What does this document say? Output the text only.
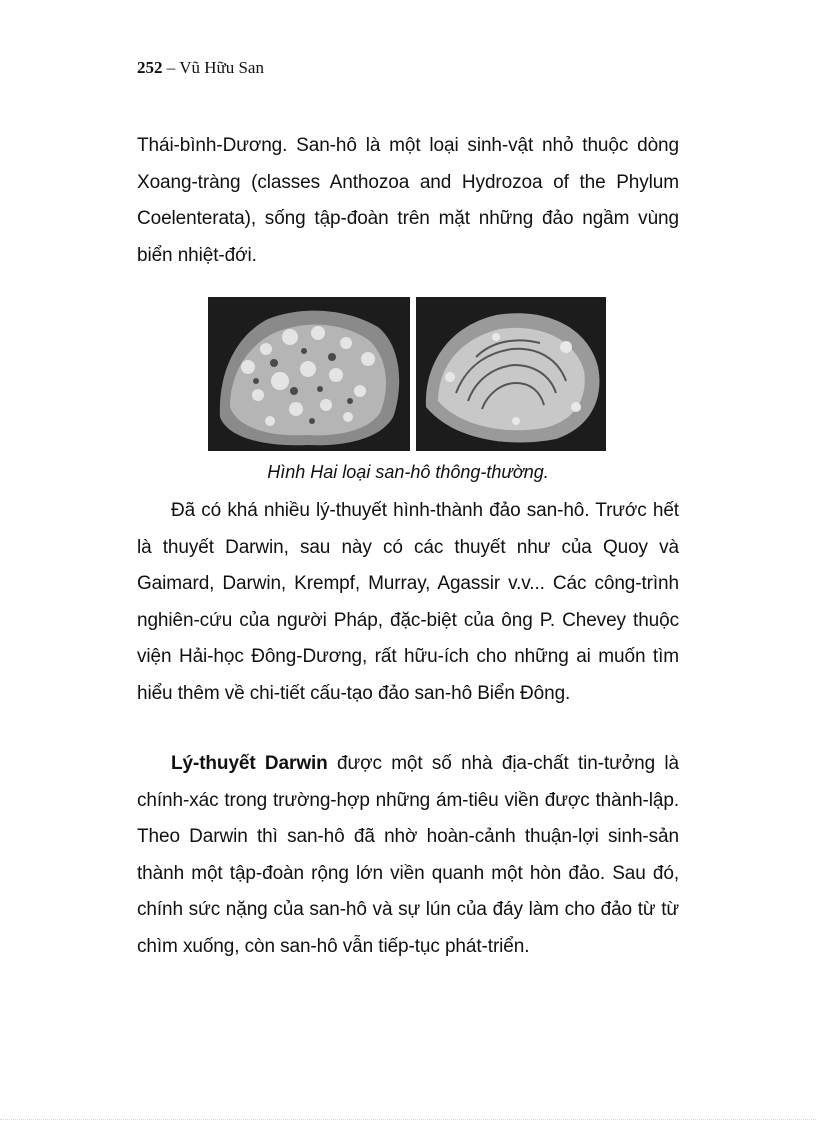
252 – Vũ Hữu San
Thái-bình-Dương. San-hô là một loại sinh-vật nhỏ thuộc dòng Xoang-tràng (classes Anthozoa and Hydrozoa of the Phylum Coelenterata), sống tập-đoàn trên mặt những đảo ngầm vùng biển nhiệt-đới.
Hình Hai loại san-hô thông-thường.
Đã có khá nhiều lý-thuyết hình-thành đảo san-hô. Trước hết là thuyết Darwin, sau này có các thuyết như của Quoy và Gaimard, Darwin, Krempf, Murray, Agassir v.v... Các công-trình nghiên-cứu của người Pháp, đặc-biệt của ông P. Chevey thuộc viện Hải-học Đông-Dương, rất hữu-ích cho những ai muốn tìm hiểu thêm về chi-tiết cấu-tạo đảo san-hô Biển Đông.
Lý-thuyết Darwin được một số nhà địa-chất tin-tưởng là chính-xác trong trường-hợp những ám-tiêu viền được thành-lập. Theo Darwin thì san-hô đã nhờ hoàn-cảnh thuận-lợi sinh-sản thành một tập-đoàn rộng lớn viền quanh một hòn đảo. Sau đó, chính sức nặng của san-hô và sự lún của đáy làm cho đảo từ từ chìm xuống, còn san-hô vẫn tiếp-tục phát-triển.
